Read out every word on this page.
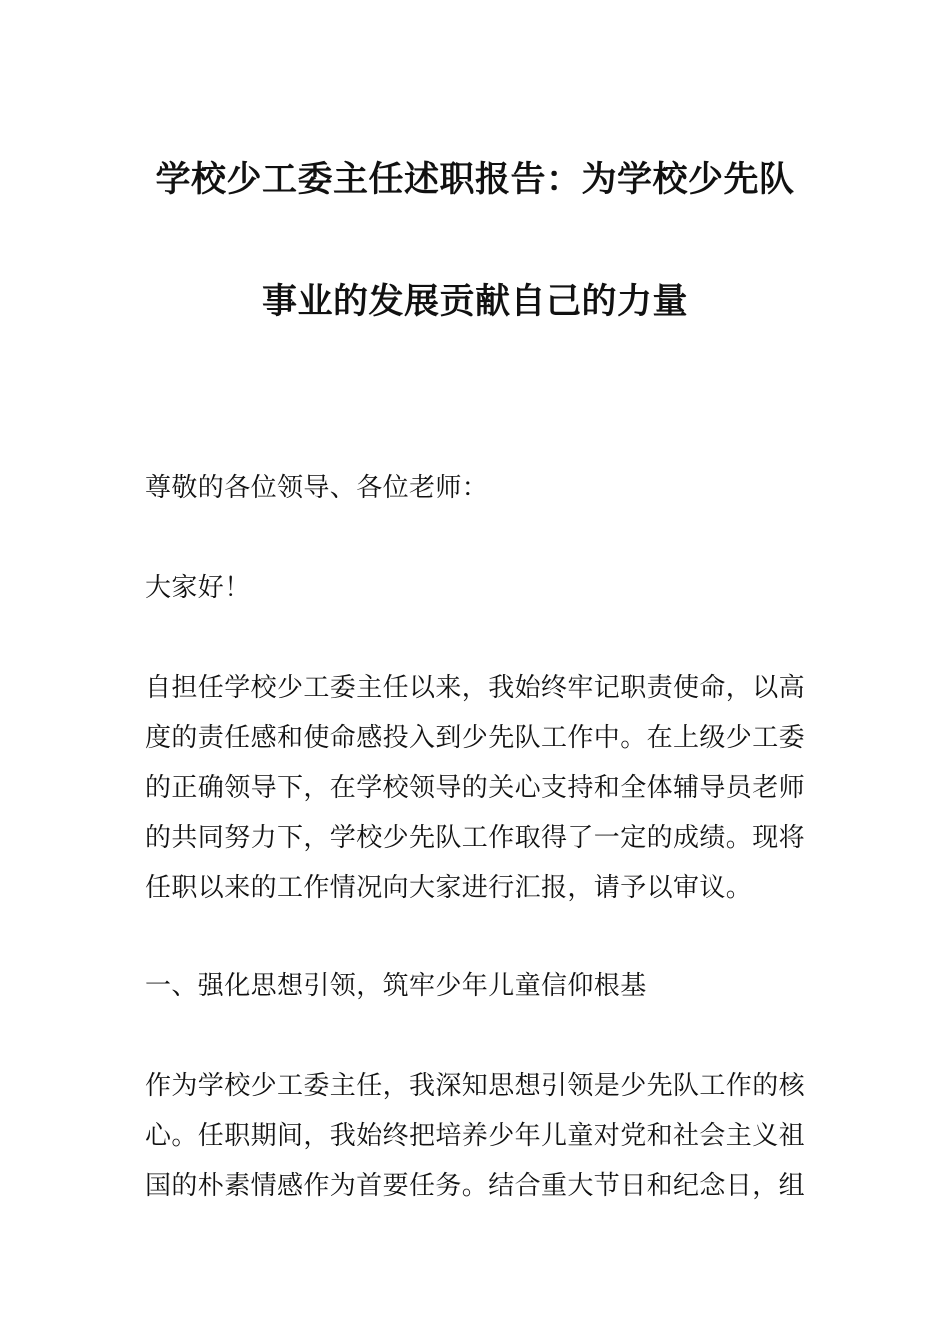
学校少工委主任述职报告：为学校少先队
事业的发展贡献自己的力量
尊敬的各位领导、各位老师：
大家好！
自担任学校少工委主任以来，我始终牢记职责使命，以高
度的责任感和使命感投入到少先队工作中。在上级少工委
的正确领导下，在学校领导的关心支持和全体辅导员老师
的共同努力下，学校少先队工作取得了一定的成绩。现将
任职以来的工作情况向大家进行汇报，请予以审议。
一、强化思想引领，筑牢少年儿童信仰根基
作为学校少工委主任，我深知思想引领是少先队工作的核
心。任职期间，我始终把培养少年儿童对党和社会主义祖
国的朴素情感作为首要任务。结合重大节日和纪念日，组
